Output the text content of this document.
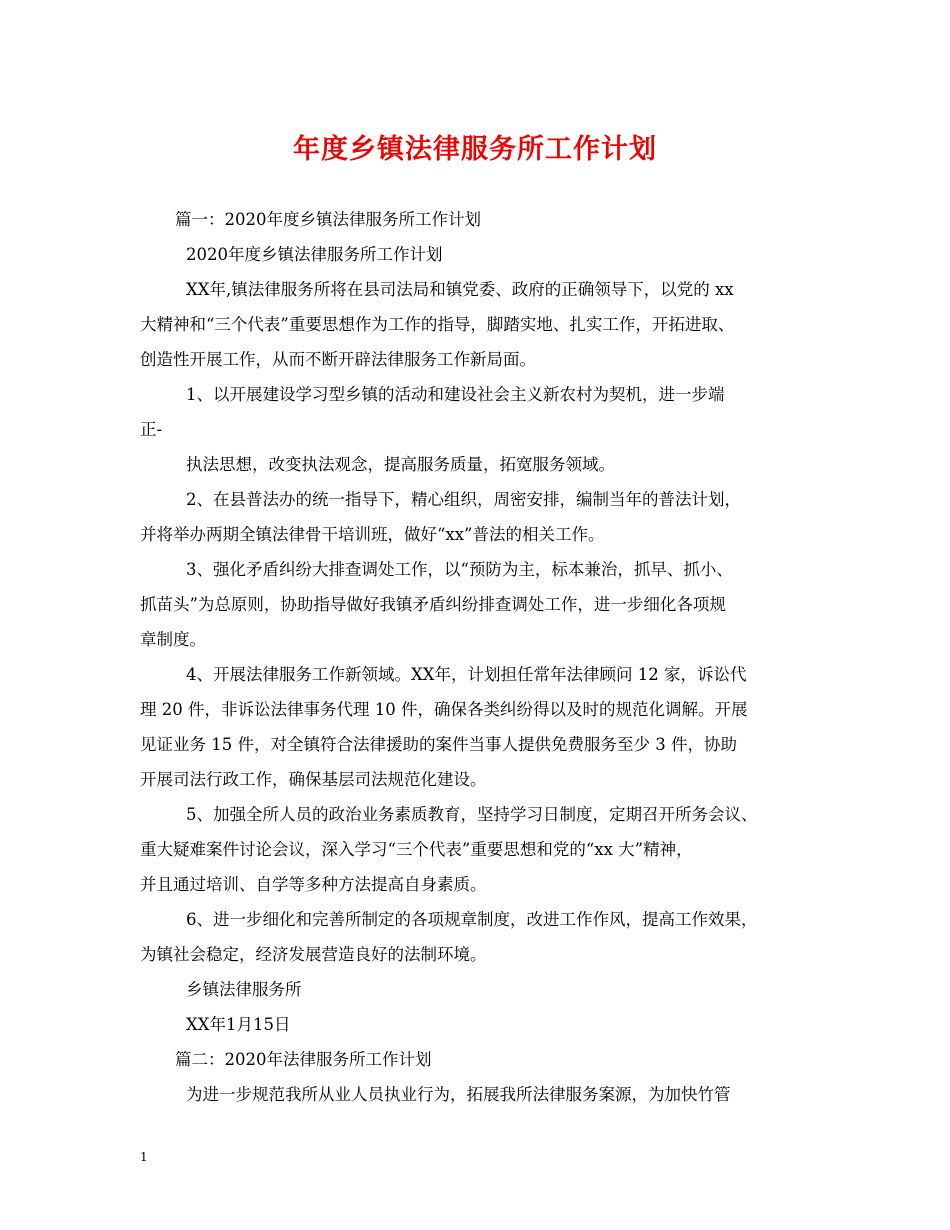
年度乡镇法律服务所工作计划
篇一：2020年度乡镇法律服务所工作计划
2020年度乡镇法律服务所工作计划
XX年,镇法律服务所将在县司法局和镇党委、政府的正确领导下，以党的 xx
大精神和“三个代表”重要思想作为工作的指导，脚踏实地、扎实工作，开拓进取、
创造性开展工作，从而不断开辟法律服务工作新局面。
1、以开展建设学习型乡镇的活动和建设社会主义新农村为契机，进一步端
正-
执法思想，改变执法观念，提高服务质量，拓宽服务领域。
2、在县普法办的统一指导下，精心组织，周密安排，编制当年的普法计划，
并将举办两期全镇法律骨干培训班，做好“xx”普法的相关工作。
3、强化矛盾纠纷大排查调处工作，以“预防为主，标本兼治，抓早、抓小、
抓苗头”为总原则，协助指导做好我镇矛盾纠纷排查调处工作，进一步细化各项规
章制度。
4、开展法律服务工作新领域。XX年，计划担任常年法律顾问 12 家，诉讼代
理 20 件，非诉讼法律事务代理 10 件，确保各类纠纷得以及时的规范化调解。开展
见证业务 15 件，对全镇符合法律援助的案件当事人提供免费服务至少 3 件，协助
开展司法行政工作，确保基层司法规范化建设。
5、加强全所人员的政治业务素质教育，坚持学习日制度，定期召开所务会议、
重大疑难案件讨论会议，深入学习“三个代表”重要思想和党的“xx 大”精神，
并且通过培训、自学等多种方法提高自身素质。
6、进一步细化和完善所制定的各项规章制度，改进工作作风，提高工作效果，
为镇社会稳定，经济发展营造良好的法制环境。
乡镇法律服务所
XX年1月15日
篇二：2020年法律服务所工作计划
为进一步规范我所从业人员执业行为，拓展我所法律服务案源，为加快竹管
1
